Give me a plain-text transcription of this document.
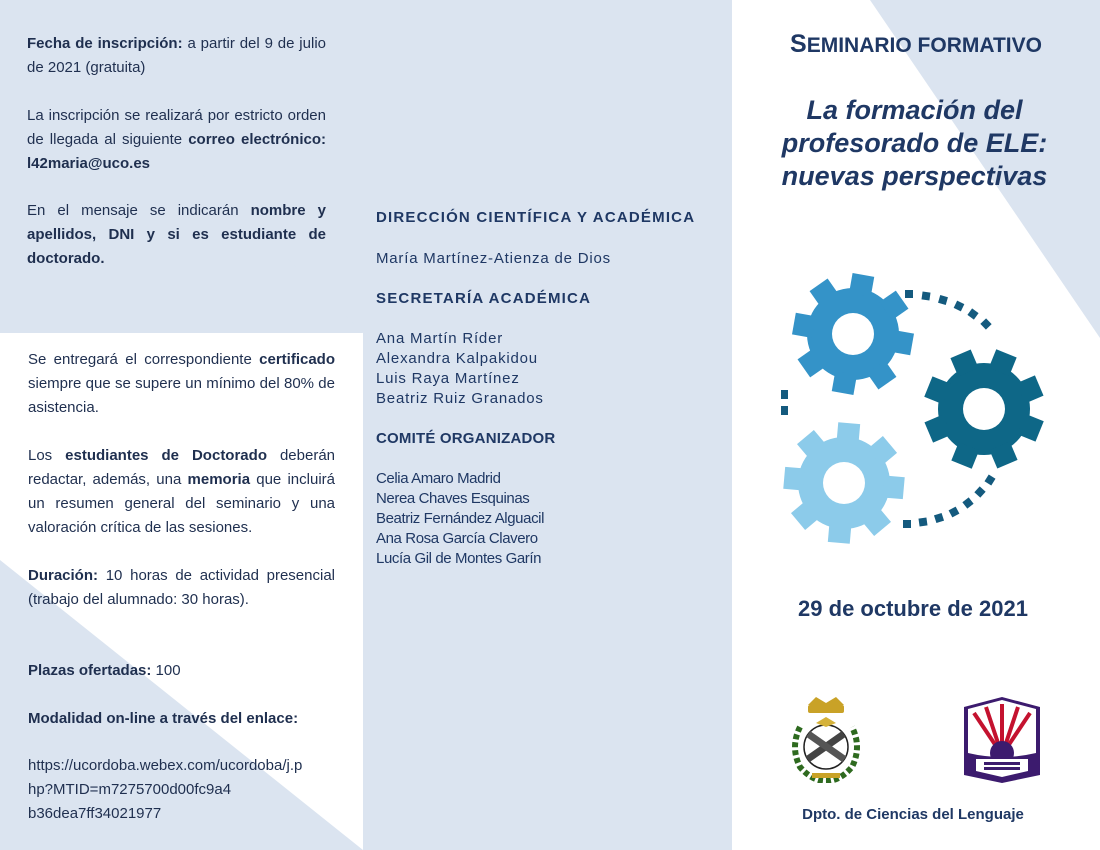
Fecha de inscripción: a partir del 9 de julio de 2021 (gratuita)
La inscripción se realizará por estricto orden de llegada al siguiente correo electrónico: l42maria@uco.es
En el mensaje se indicarán nombre y apellidos, DNI y si es estudiante de doctorado.
Se entregará el correspondiente certificado siempre que se supere un mínimo del 80% de asistencia.
Los estudiantes de Doctorado deberán redactar, además, una memoria que incluirá un resumen general del seminario y una valoración crítica de las sesiones.
Duración: 10 horas de actividad presencial (trabajo del alumnado: 30 horas).
Plazas ofertadas: 100
Modalidad on-line a través del enlace:
https://ucordoba.webex.com/ucordoba/j.p
hp?MTID=m7275700d00fc9a4
b36dea7ff34021977
DIRECCIÓN CIENTÍFICA Y ACADÉMICA
María Martínez-Atienza de Dios
SECRETARÍA ACADÉMICA
Ana Martín Ríder
Alexandra Kalpakidou
Luis Raya Martínez
Beatriz Ruiz Granados
COMITÉ ORGANIZADOR
Celia Amaro Madrid
Nerea Chaves Esquinas
Beatriz Fernández Alguacil
Ana Rosa García Clavero
Lucía Gil de Montes Garín
SEMINARIO FORMATIVO
La formación del
profesorado de ELE:
nuevas perspectivas
29 de octubre de 2021
Dpto. de Ciencias del Lenguaje
